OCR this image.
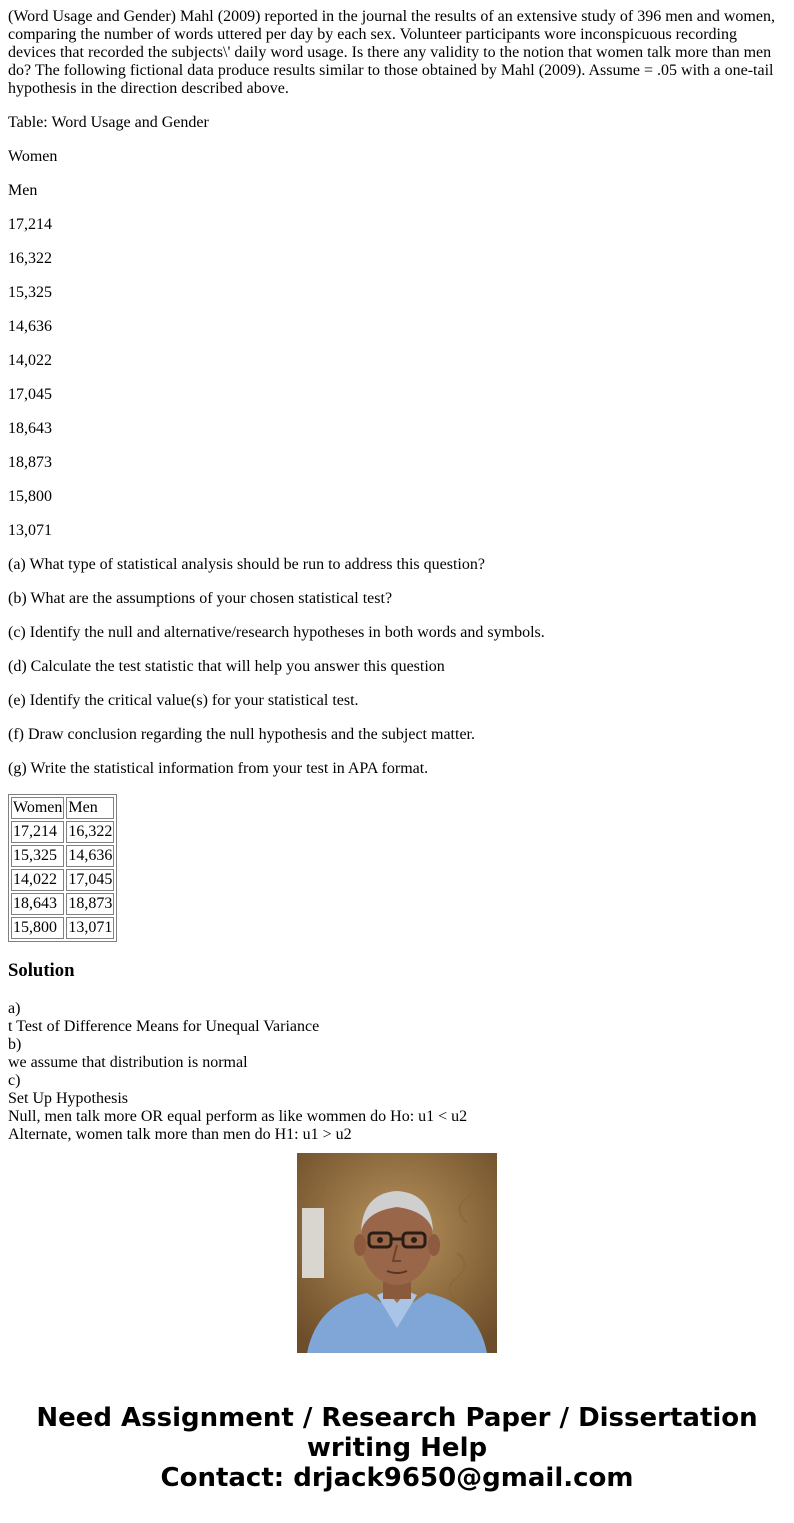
(Word Usage and Gender) Mahl (2009) reported in the journal the results of an extensive study of 396 men and women, comparing the number of words uttered per day by each sex. Volunteer participants wore inconspicuous recording devices that recorded the subjects\' daily word usage. Is there any validity to the notion that women talk more than men do? The following fictional data produce results similar to those obtained by Mahl (2009). Assume = .05 with a one-tail hypothesis in the direction described above.

Table: Word Usage and Gender

Women

Men

17,214

16,322

15,325

14,636

14,022

17,045

18,643

18,873

15,800

13,071

(a) What type of statistical analysis should be run to address this question?

(b) What are the assumptions of your chosen statistical test?

(c) Identify the null and alternative/research hypotheses in both words and symbols.

(d) Calculate the test statistic that will help you answer this question

(e) Identify the critical value(s) for your statistical test.

(f) Draw conclusion regarding the null hypothesis and the subject matter.

(g) Write the statistical information from your test in APA format.

Women	Men
17,214	16,322
15,325	14,636
14,022	17,045
18,643	18,873
15,800	13,071
Solution
a)
t Test of Difference Means for Unequal Variance
b)
we assume that distribution is normal
c)
Set Up Hypothesis
Null, men talk more OR equal perform as like wommen do Ho: u1 < u2
Alternate, women talk more than men do H1: u1 > u2
Need Assignment / Research Paper / Dissertation
writing Help
Contact: drjack9650@gmail.com
